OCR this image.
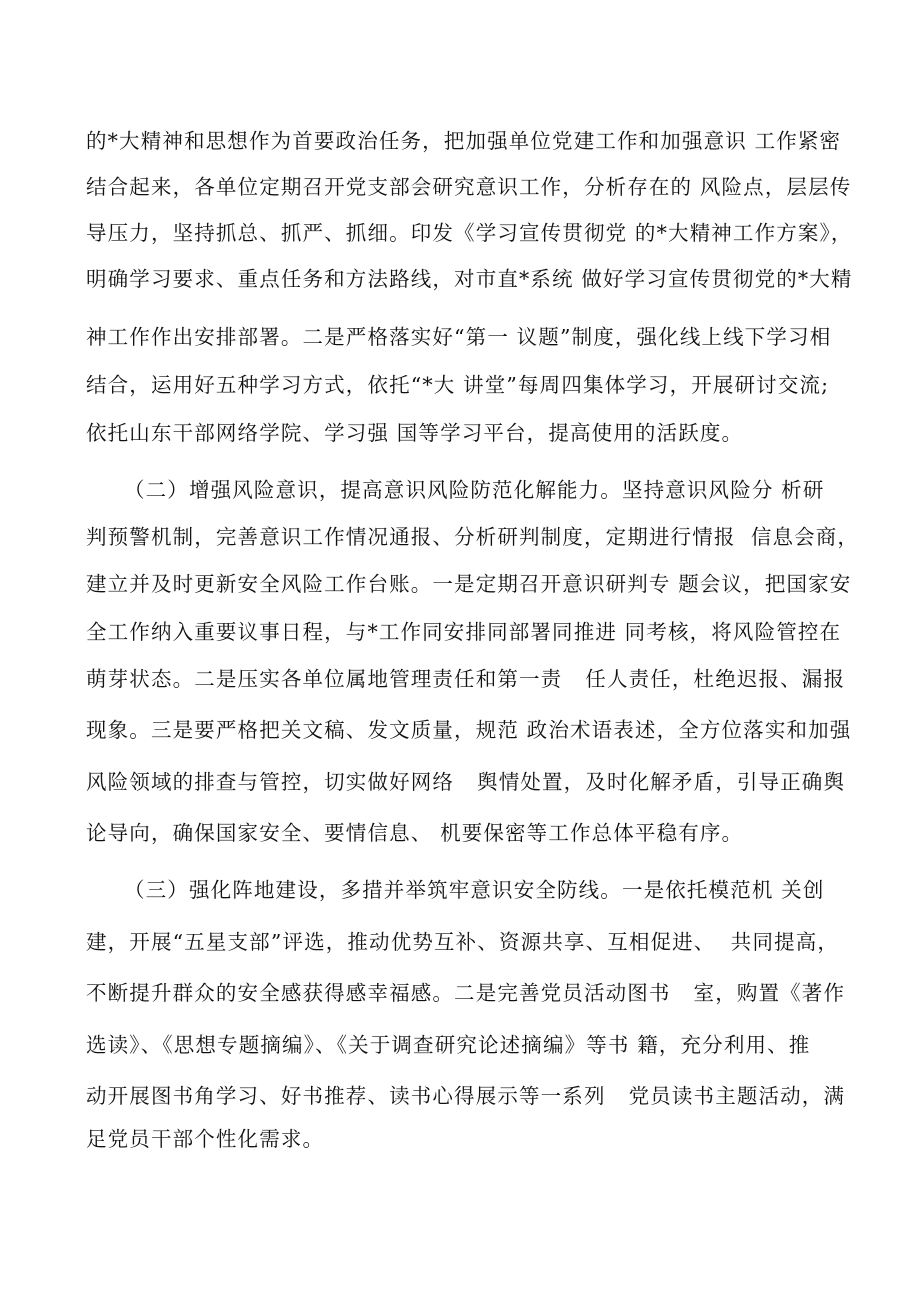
的*大精神和思想作为首要政治任务，把加强单位党建工作和加强意识 工作紧密
结合起来，各单位定期召开党支部会研究意识工作，分析存在的 风险点，层层传
导压力，坚持抓总、抓严、抓细。印发《学习宣传贯彻党 的*大精神工作方案》，
明确学习要求、重点任务和方法路线，对市直*系统 做好学习宣传贯彻党的*大精
神工作作出安排部署。二是严格落实好“第一 议题”制度，强化线上线下学习相
结合，运用好五种学习方式，依托“*大 讲堂”每周四集体学习，开展研讨交流;
依托山东干部网络学院、学习强 国等学习平台，提高使用的活跃度。
（二）增强风险意识，提高意识风险防范化解能力。坚持意识风险分 析研
判预警机制，完善意识工作情况通报、分析研判制度，定期进行情报  信息会商，
建立并及时更新安全风险工作台账。一是定期召开意识研判专 题会议，把国家安
全工作纳入重要议事日程，与*工作同安排同部署同推进 同考核，将风险管控在
萌芽状态。二是压实各单位属地管理责任和第一责   任人责任，杜绝迟报、漏报
现象。三是要严格把关文稿、发文质量，规范 政治术语表述，全方位落实和加强
风险领域的排查与管控，切实做好网络   舆情处置，及时化解矛盾，引导正确舆
论导向，确保国家安全、要情信息、 机要保密等工作总体平稳有序。
（三）强化阵地建设，多措并举筑牢意识安全防线。一是依托模范机 关创
建，开展“五星支部”评选，推动优势互补、资源共享、互相促进、  共同提高，
不断提升群众的安全感获得感幸福感。二是完善党员活动图书   室，购置《著作
选读》、《思想专题摘编》、《关于调查研究论述摘编》等书 籍，充分利用、推
动开展图书角学习、好书推荐、读书心得展示等一系列   党员读书主题活动，满
足党员干部个性化需求。
